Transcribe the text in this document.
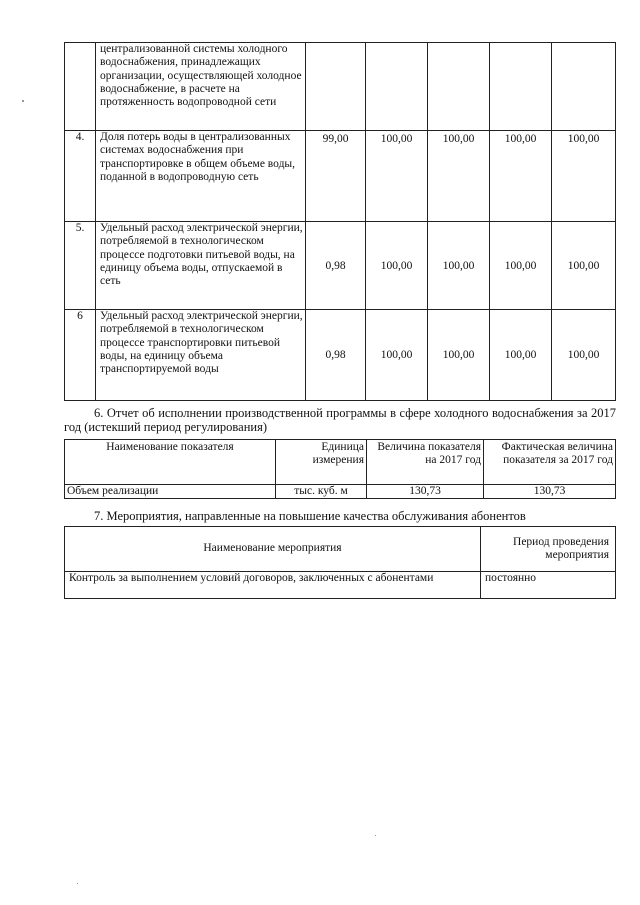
	централизованной системы холодного водоснабжения, принадлежащих организации, осуществляющей холодное водоснабжение, в расчете на протяженность водопроводной сети					
4.	Доля потерь воды в централизованных системах водоснабжения при транспортировке в общем объеме воды, поданной в водопроводную сеть	99,00	100,00	100,00	100,00	100,00
5.	Удельный расход электрической энергии, потребляемой в технологическом процессе подготовки питьевой воды, на единицу объема воды, отпускаемой в сеть	0,98	100,00	100,00	100,00	100,00
6	Удельный расход электрической энергии, потребляемой в технологическом процессе транспортировки питьевой воды, на единицу объема транспортируемой воды	0,98	100,00	100,00	100,00	100,00
6. Отчет об исполнении производственной программы в сфере холодного водоснабжения за 2017 год (истекший период регулирования)
Наименование показателя	Единица измерения	Величина показателя на 2017 год	Фактическая величина показателя за 2017 год
Объем реализации	тыс. куб. м	130,73	130,73
7. Мероприятия, направленные на повышение качества обслуживания абонентов
Наименование мероприятия	Период проведения мероприятия
Контроль за выполнением условий договоров, заключенных с абонентами	постоянно
